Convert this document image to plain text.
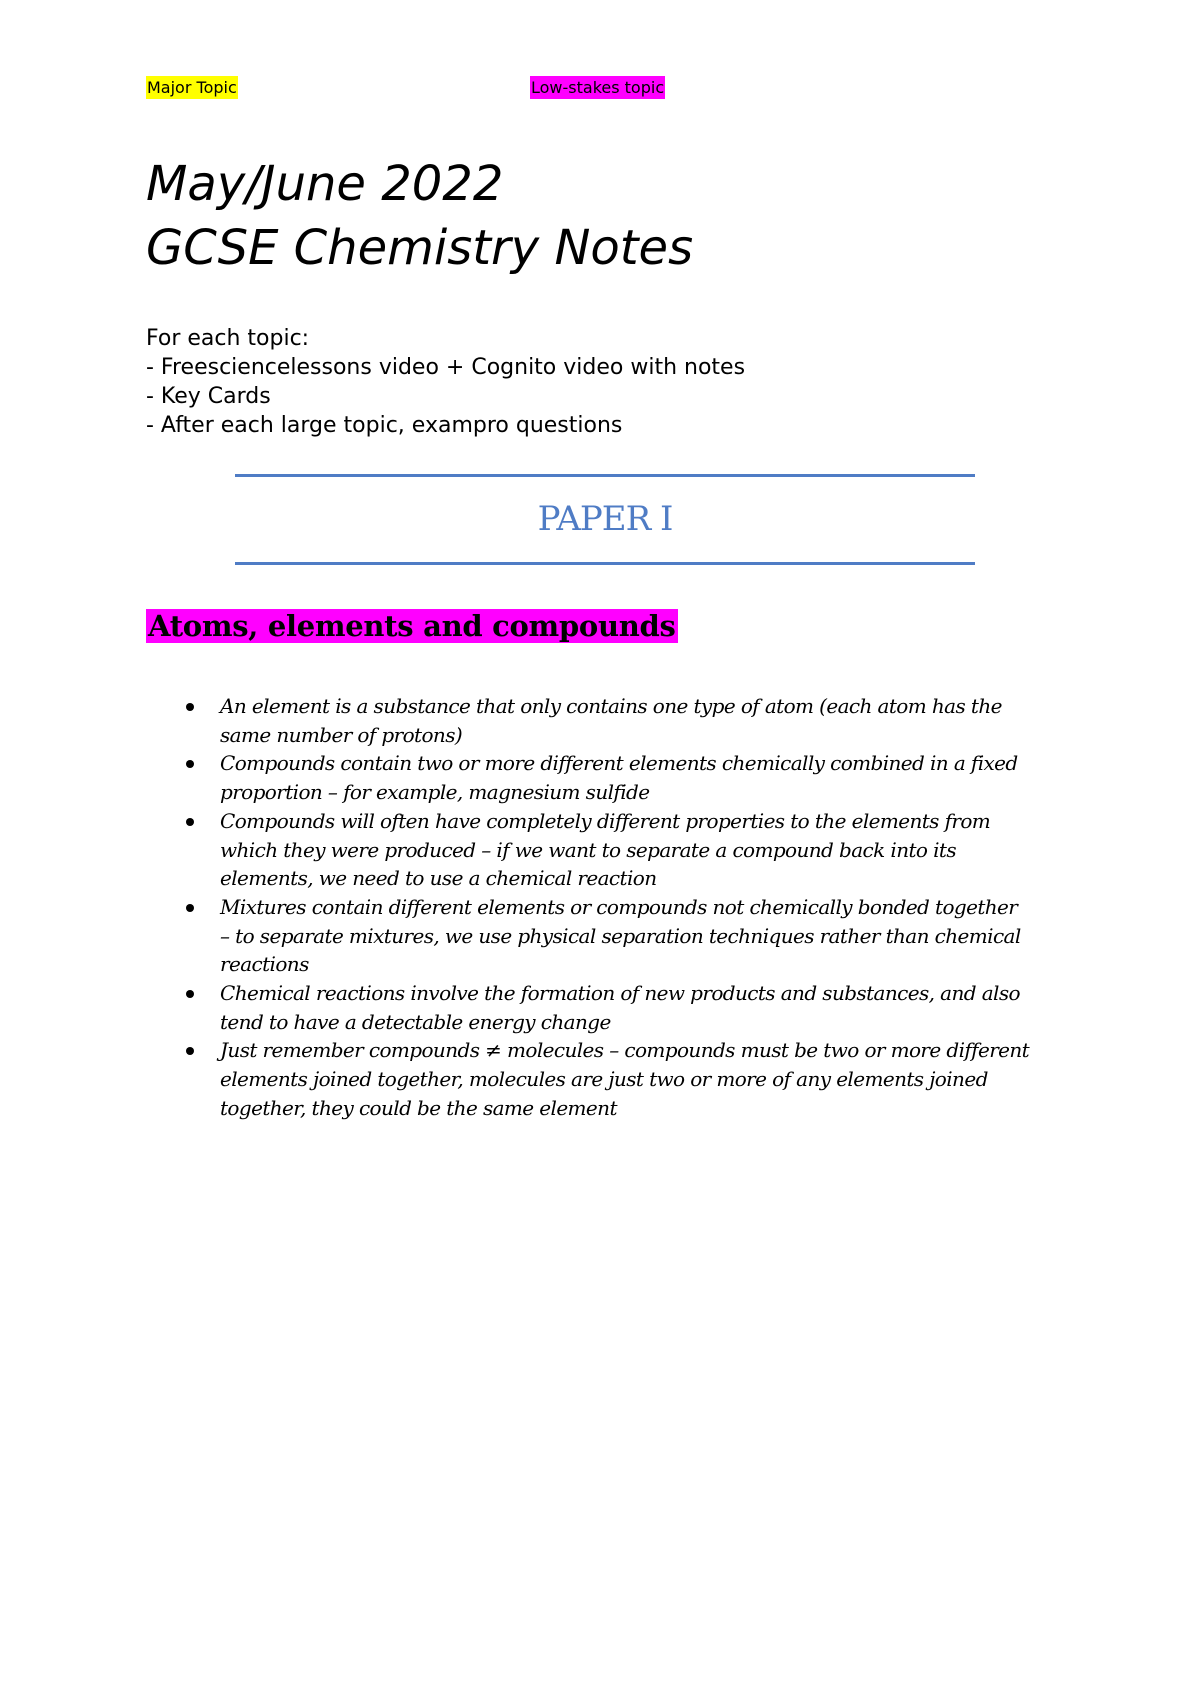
Major Topic	Low-stakes topic
May/June 2022
GCSE Chemistry Notes
For each topic:
- Freesciencelessons video + Cognito video with notes
- Key Cards
- After each large topic, exampro questions
PAPER I
Atoms, elements and compounds
An element is a substance that only contains one type of atom (each atom has the
same number of protons)
Compounds contain two or more different elements chemically combined in a fixed
proportion – for example, magnesium sulfide
Compounds will often have completely different properties to the elements from
which they were produced – if we want to separate a compound back into its
elements, we need to use a chemical reaction
Mixtures contain different elements or compounds not chemically bonded together
– to separate mixtures, we use physical separation techniques rather than chemical
reactions
Chemical reactions involve the formation of new products and substances, and also
tend to have a detectable energy change
Just remember compounds ≠ molecules – compounds must be two or more different
elements joined together, molecules are just two or more of any elements joined
together, they could be the same element
